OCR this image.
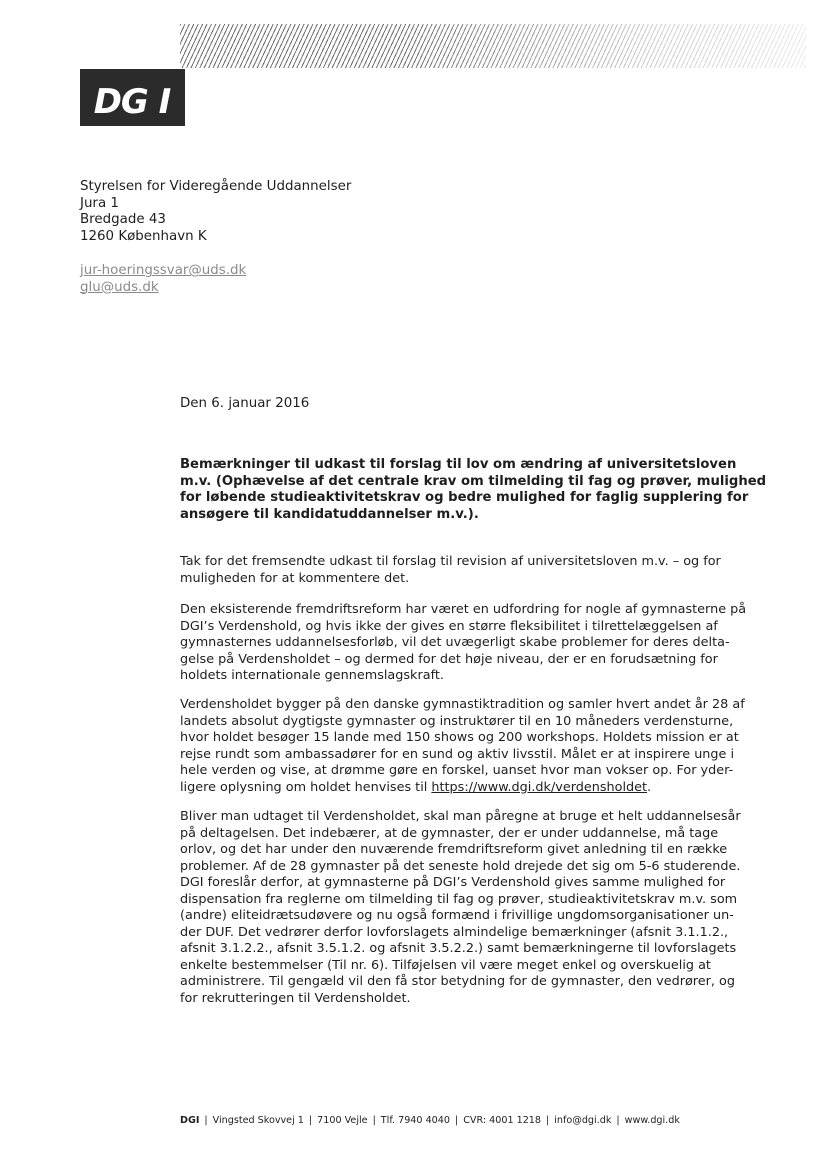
DG I
Styrelsen for Videregående Uddannelser
Jura 1
Bredgade 43
1260 København K
jur-hoeringssvar@uds.dk
glu@uds.dk
Den 6. januar 2016
Bemærkninger til udkast til forslag til lov om ændring af universitetsloven
m.v. (Ophævelse af det centrale krav om tilmelding til fag og prøver, mulighed
for løbende studieaktivitetskrav og bedre mulighed for faglig supplering for
ansøgere til kandidatuddannelser m.v.).
Tak for det fremsendte udkast til forslag til revision af universitetsloven m.v. – og for
muligheden for at kommentere det.
Den eksisterende fremdriftsreform har været en udfordring for nogle af gymnasterne på
DGI’s Verdenshold, og hvis ikke der gives en større fleksibilitet i tilrettelæggelsen af
gymnasternes uddannelsesforløb, vil det uvægerligt skabe problemer for deres delta-
gelse på Verdensholdet – og dermed for det høje niveau, der er en forudsætning for
holdets internationale gennemslagskraft.
Verdensholdet bygger på den danske gymnastiktradition og samler hvert andet år 28 af
landets absolut dygtigste gymnaster og instruktører til en 10 måneders verdensturne,
hvor holdet besøger 15 lande med 150 shows og 200 workshops. Holdets mission er at
rejse rundt som ambassadører for en sund og aktiv livsstil. Målet er at inspirere unge i
hele verden og vise, at drømme gøre en forskel, uanset hvor man vokser op. For yder-
ligere oplysning om holdet henvises til https://www.dgi.dk/verdensholdet.
Bliver man udtaget til Verdensholdet, skal man påregne at bruge et helt uddannelsesår
på deltagelsen. Det indebærer, at de gymnaster, der er under uddannelse, må tage
orlov, og det har under den nuværende fremdriftsreform givet anledning til en række
problemer. Af de 28 gymnaster på det seneste hold drejede det sig om 5-6 studerende.
DGI foreslår derfor, at gymnasterne på DGI’s Verdenshold gives samme mulighed for
dispensation fra reglerne om tilmelding til fag og prøver, studieaktivitetskrav m.v. som
(andre) eliteidrætsudøvere og nu også formænd i frivillige ungdomsorganisationer un-
der DUF. Det vedrører derfor lovforslagets almindelige bemærkninger (afsnit 3.1.1.2.,
afsnit 3.1.2.2., afsnit 3.5.1.2. og afsnit 3.5.2.2.) samt bemærkningerne til lovforslagets
enkelte bestemmelser (Til nr. 6). Tilføjelsen vil være meget enkel og overskuelig at
administrere. Til gengæld vil den få stor betydning for de gymnaster, den vedrører, og
for rekrutteringen til Verdensholdet.
DGI | Vingsted Skovvej 1 | 7100 Vejle | Tlf. 7940 4040 | CVR: 4001 1218 | info@dgi.dk | www.dgi.dk
